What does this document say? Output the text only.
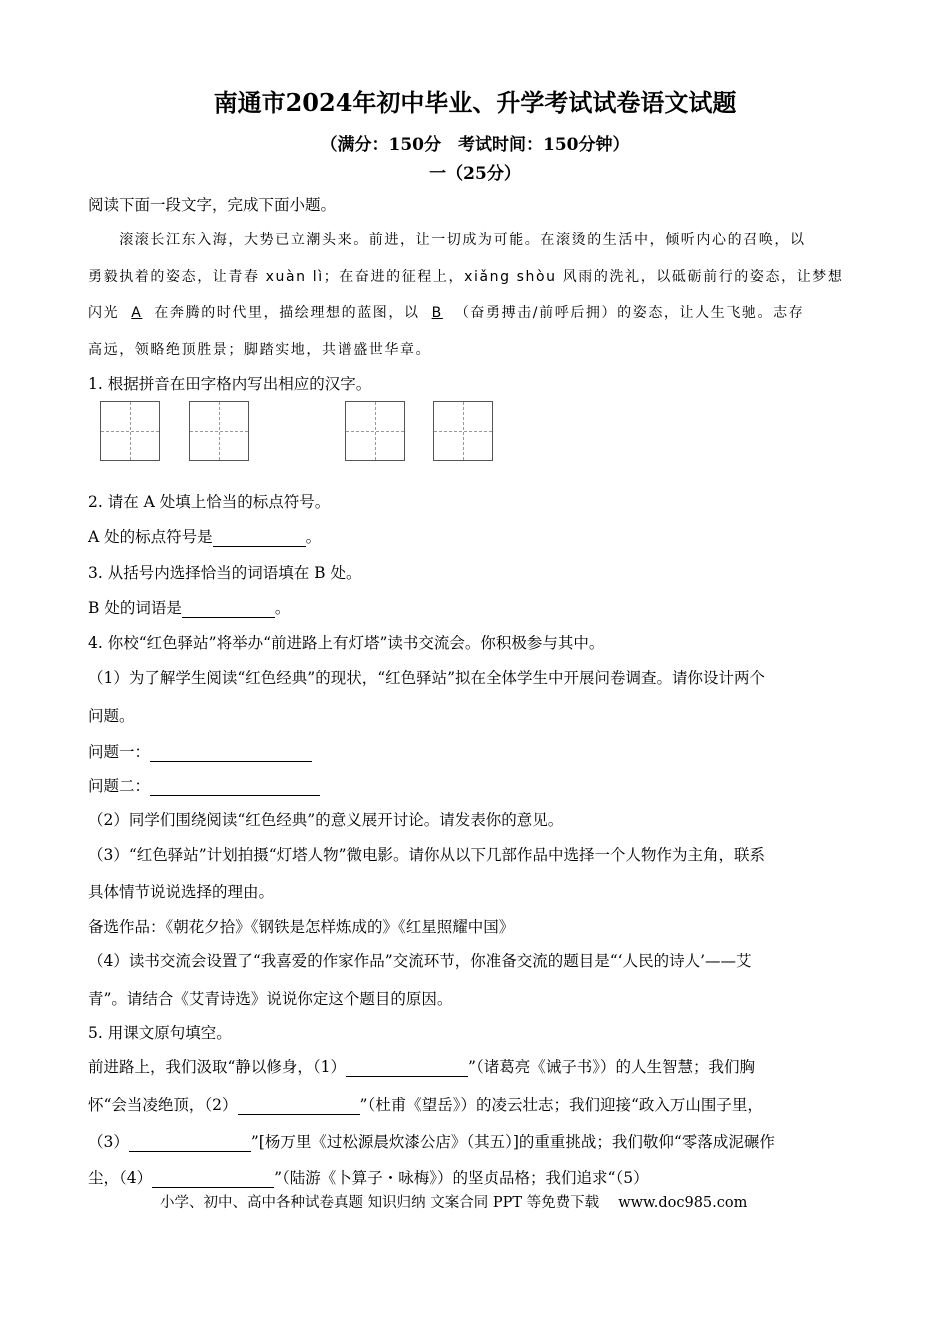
南通市2024年初中毕业、升学考试试卷语文试题
（满分：150分　考试时间：150分钟）
一（25分）
阅读下面一段文字，完成下面小题。
　　滚滚长江东入海，大势已立潮头来。前进，让一切成为可能。在滚烫的生活中，倾听内心的召唤，以
勇毅执着的姿态，让青春 xuàn lì；在奋进的征程上，xiǎng shòu 风雨的洗礼，以砥砺前行的姿态，让梦想
闪光 A 在奔腾的时代里，描绘理想的蓝图，以 B （奋勇搏击/前呼后拥）的姿态，让人生飞驰。志存
高远，领略绝顶胜景；脚踏实地，共谱盛世华章。
1. 根据拼音在田字格内写出相应的汉字。
2. 请在 A 处填上恰当的标点符号。
A 处的标点符号是	。
3. 从括号内选择恰当的词语填在 B 处。
B 处的词语是	。
4. 你校“红色驿站”将举办“前进路上有灯塔”读书交流会。你积极参与其中。
（1）为了解学生阅读“红色经典”的现状，“红色驿站”拟在全体学生中开展问卷调查。请你设计两个
问题。
问题一：
问题二：
（2）同学们围绕阅读“红色经典”的意义展开讨论。请发表你的意见。
（3）“红色驿站”计划拍摄“灯塔人物”微电影。请你从以下几部作品中选择一个人物作为主角，联系
具体情节说说选择的理由。
备选作品：《朝花夕拾》《钢铁是怎样炼成的》《红星照耀中国》
（4）读书交流会设置了“我喜爱的作家作品”交流环节，你准备交流的题目是“‘人民的诗人’——艾
青”。请结合《艾青诗选》说说你定这个题目的原因。
5. 用课文原句填空。
前进路上，我们汲取“静以修身，（1）	”（诸葛亮《诫子书》）的人生智慧；我们胸
怀“会当凌绝顶，（2）	”（杜甫《望岳》）的凌云壮志；我们迎接“政入万山围子里，
（3）	”[杨万里《过松源晨炊漆公店》（其五）]的重重挑战；我们敬仰“零落成泥碾作
尘，（4）	”（陆游《卜算子・咏梅》）的坚贞品格；我们追求“（5）
小学、初中、高中各种试卷真题 知识归纳 文案合同 PPT 等免费下载　 www.doc985.com
